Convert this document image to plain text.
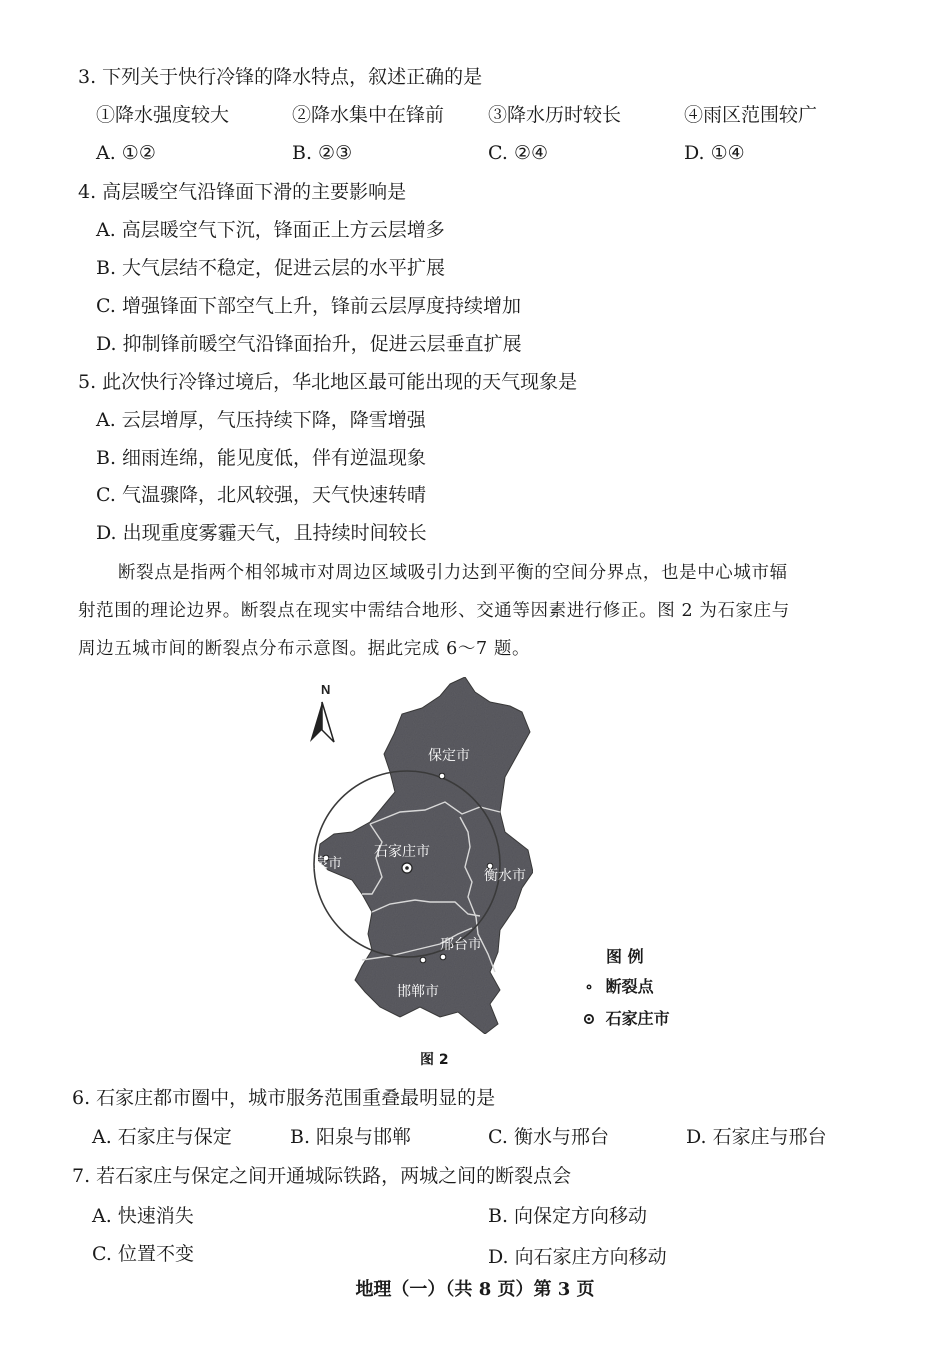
3. 下列关于快行冷锋的降水特点，叙述正确的是
①降水强度较大	②降水集中在锋前 ③降水历时较长	④雨区范围较广
A. ①②	B. ②③	C. ②④	D. ①④
4. 高层暖空气沿锋面下滑的主要影响是
A. 高层暖空气下沉，锋面正上方云层增多
B. 大气层结不稳定，促进云层的水平扩展
C. 增强锋面下部空气上升，锋前云层厚度持续增加
D. 抑制锋前暖空气沿锋面抬升，促进云层垂直扩展
5. 此次快行冷锋过境后，华北地区最可能出现的天气现象是
A. 云层增厚，气压持续下降，降雪增强
B. 细雨连绵，能见度低，伴有逆温现象
C. 气温骤降，北风较强，天气快速转晴
D. 出现重度雾霾天气，且持续时间较长
断裂点是指两个相邻城市对周边区域吸引力达到平衡的空间分界点，也是中心城市辐
射范围的理论边界。断裂点在现实中需结合地形、交通等因素进行修正。图 2 为石家庄与
周边五城市间的断裂点分布示意图。据此完成 6～7 题。
N
保定市
石家庄市
阳泉市
衡水市
邢台市
邯郸市
图 2
图 例
∘ 断裂点
⊙ 石家庄市
6. 石家庄都市圈中，城市服务范围重叠最明显的是
A. 石家庄与保定	B. 阳泉与邯郸	C. 衡水与邢台	D. 石家庄与邢台
7. 若石家庄与保定之间开通城际铁路，两城之间的断裂点会
A. 快速消失	B. 向保定方向移动
C. 位置不变	D. 向石家庄方向移动
地理（一）（共 8 页）第 3 页
